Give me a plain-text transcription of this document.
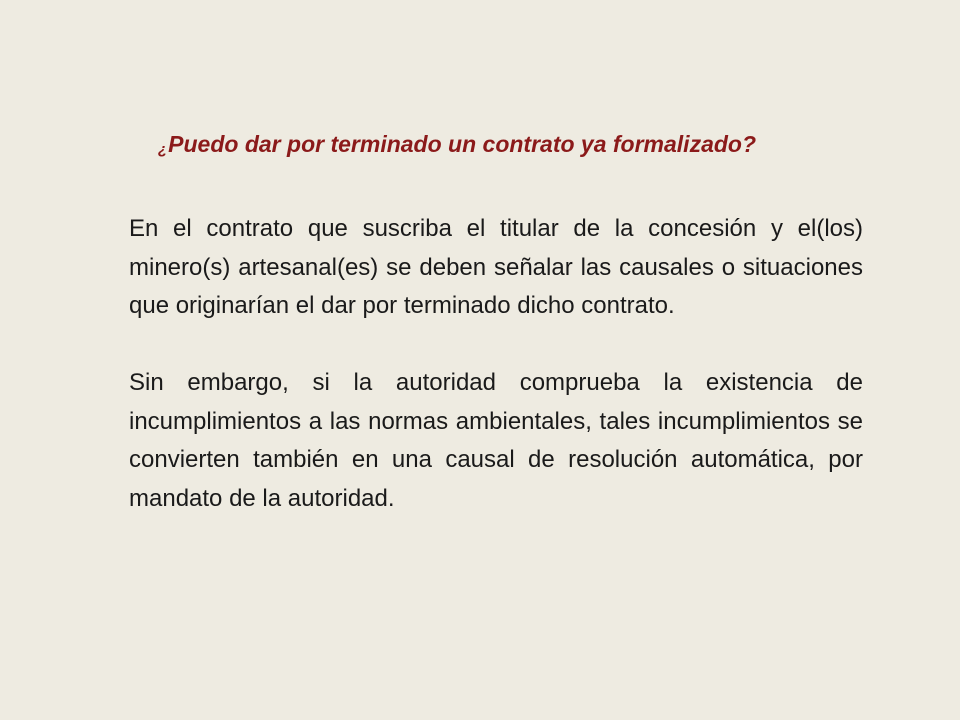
¿Puedo dar por terminado un contrato ya formalizado?

En el contrato que suscriba el titular de la concesión y el(los) minero(s) artesanal(es) se deben señalar las causales o situaciones que originarían el dar por terminado dicho contrato.

Sin embargo, si la autoridad comprueba la existencia de incumplimientos a las normas ambientales, tales incumplimientos se convierten también en una causal de resolución automática, por mandato de la autoridad.
